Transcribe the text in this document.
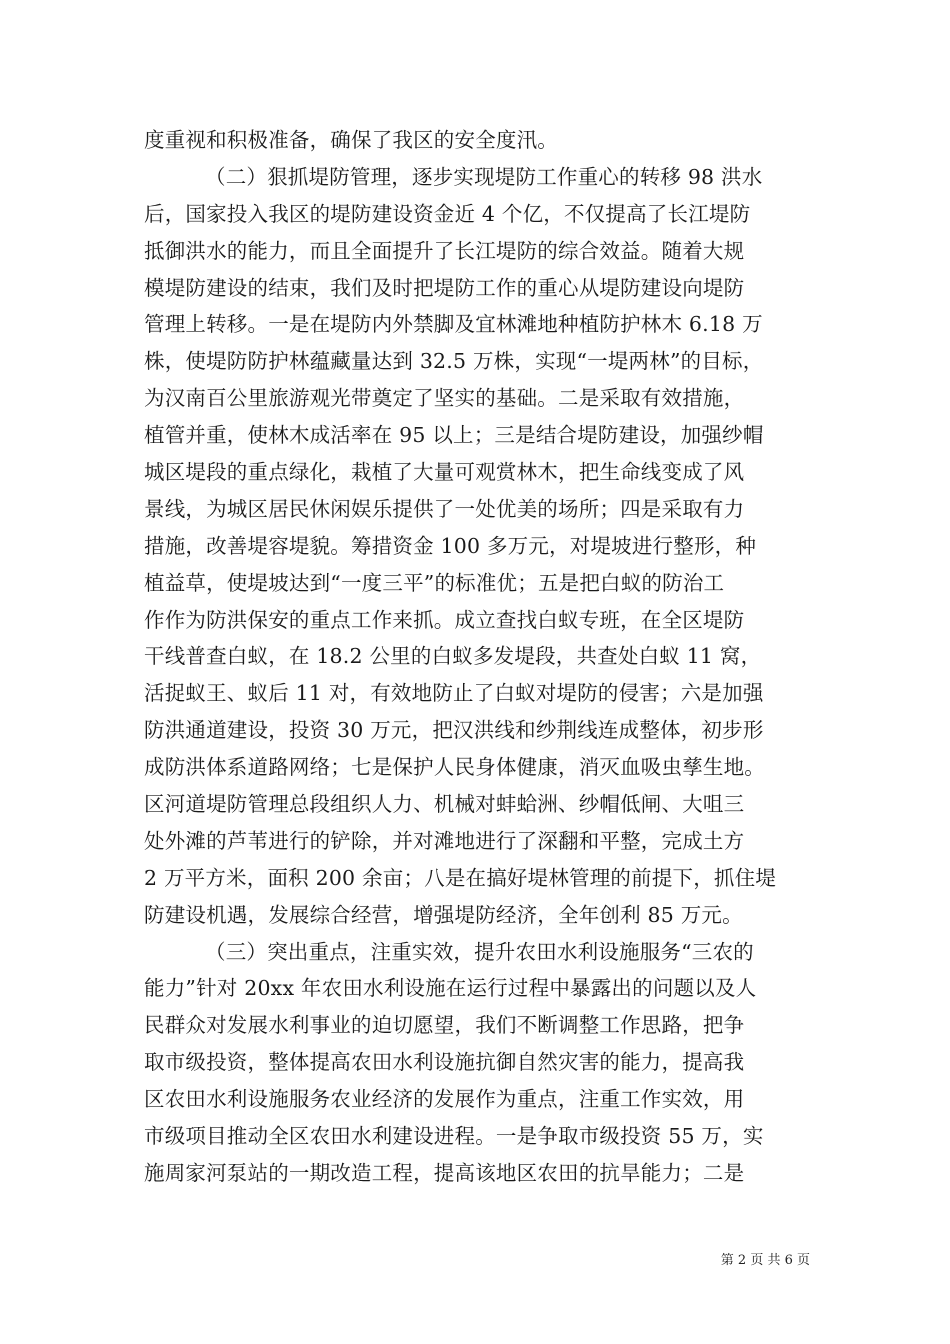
度重视和积极准备，确保了我区的安全度汛。
（二）狠抓堤防管理，逐步实现堤防工作重心的转移 98 洪水
后，国家投入我区的堤防建设资金近 4 个亿，不仅提高了长江堤防
抵御洪水的能力，而且全面提升了长江堤防的综合效益。随着大规
模堤防建设的结束，我们及时把堤防工作的重心从堤防建设向堤防
管理上转移。一是在堤防内外禁脚及宜林滩地种植防护林木 6.18 万
株，使堤防防护林蕴藏量达到 32.5 万株，实现“一堤两林”的目标，
为汉南百公里旅游观光带奠定了坚实的基础。二是采取有效措施，
植管并重，使林木成活率在 95 以上；三是结合堤防建设，加强纱帽
城区堤段的重点绿化，栽植了大量可观赏林木，把生命线变成了风
景线，为城区居民休闲娱乐提供了一处优美的场所；四是采取有力
措施，改善堤容堤貌。筹措资金 100 多万元，对堤坡进行整形，种
植益草，使堤坡达到“一度三平”的标准优；五是把白蚁的防治工
作作为防洪保安的重点工作来抓。成立查找白蚁专班，在全区堤防
干线普查白蚁，在 18.2 公里的白蚁多发堤段，共查处白蚁 11 窝，
活捉蚁王、蚁后 11 对，有效地防止了白蚁对堤防的侵害；六是加强
防洪通道建设，投资 30 万元，把汉洪线和纱荆线连成整体，初步形
成防洪体系道路网络；七是保护人民身体健康，消灭血吸虫孳生地。
区河道堤防管理总段组织人力、机械对蚌蛤洲、纱帽低闸、大咀三
处外滩的芦苇进行的铲除，并对滩地进行了深翻和平整，完成土方
2 万平方米，面积 200 余亩；八是在搞好堤林管理的前提下，抓住堤
防建设机遇，发展综合经营，增强堤防经济，全年创利 85 万元。
（三）突出重点，注重实效，提升农田水利设施服务“三农的
能力”针对 20xx 年农田水利设施在运行过程中暴露出的问题以及人
民群众对发展水利事业的迫切愿望，我们不断调整工作思路，把争
取市级投资，整体提高农田水利设施抗御自然灾害的能力，提高我
区农田水利设施服务农业经济的发展作为重点，注重工作实效，用
市级项目推动全区农田水利建设进程。一是争取市级投资 55 万，实
施周家河泵站的一期改造工程，提高该地区农田的抗旱能力；二是
第 2 页 共 6 页
